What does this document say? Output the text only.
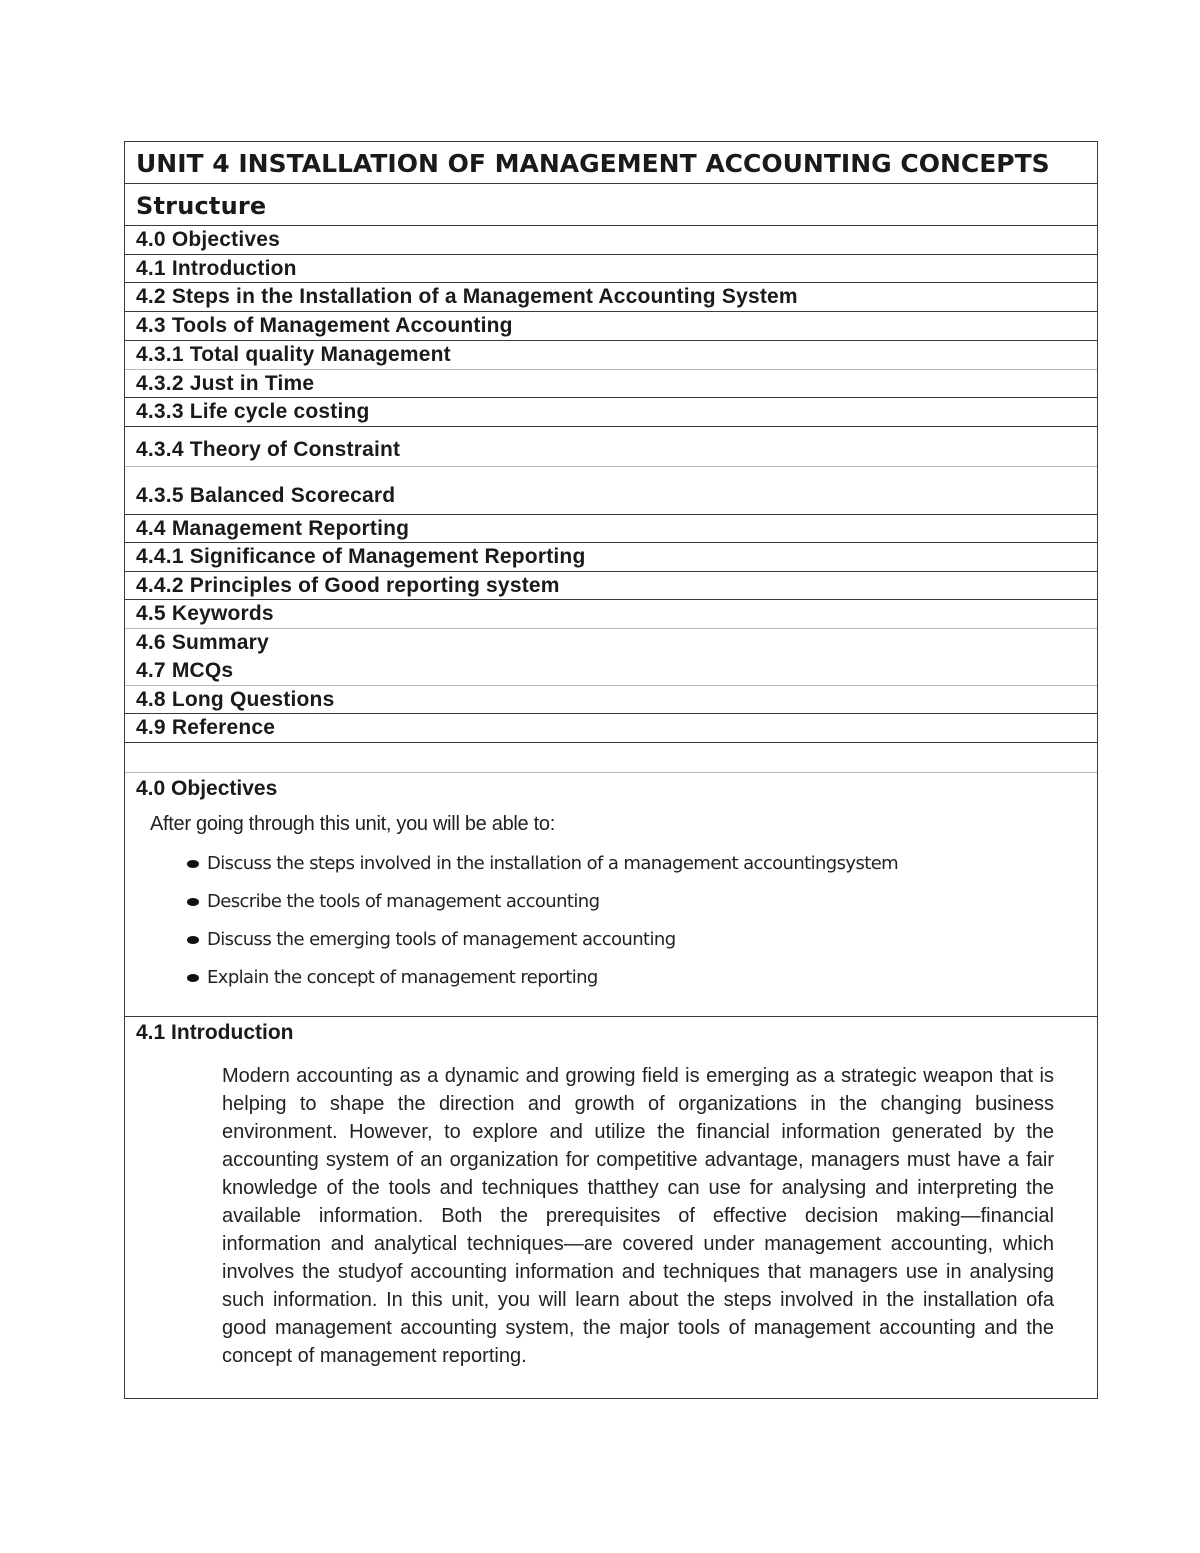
UNIT 4 INSTALLATION OF MANAGEMENT ACCOUNTING CONCEPTS
Structure
4.0 Objectives
4.1 Introduction
4.2 Steps in the Installation of a Management Accounting System
4.3 Tools of Management Accounting
4.3.1 Total quality Management
4.3.2 Just in Time
4.3.3 Life cycle costing
4.3.4 Theory of Constraint
4.3.5 Balanced Scorecard
4.4 Management Reporting
4.4.1 Significance of Management Reporting
4.4.2 Principles of Good reporting system
4.5 Keywords
4.6 Summary
4.7 MCQs
4.8 Long Questions
4.9 Reference
4.0 Objectives
After going through this unit, you will be able to:
Discuss the steps involved in the installation of a management accountingsystem
Describe the tools of management accounting
Discuss the emerging tools of management accounting
Explain the concept of management reporting
4.1 Introduction
Modern accounting as a dynamic and growing field is emerging as a strategic weapon that is helping to shape the direction and growth of organizations in the changing business environment. However, to explore and utilize the financial information generated by the accounting system of an organization for competitive advantage, managers must have a fair knowledge of the tools and techniques thatthey can use for analysing and interpreting the available information. Both the prerequisites of effective decision making—financial information and analytical techniques—are covered under management accounting, which involves the studyof accounting information and techniques that managers use in analysing such information. In this unit, you will learn about the steps involved in the installation ofa good management accounting system, the major tools of management accounting and the concept of management reporting.
